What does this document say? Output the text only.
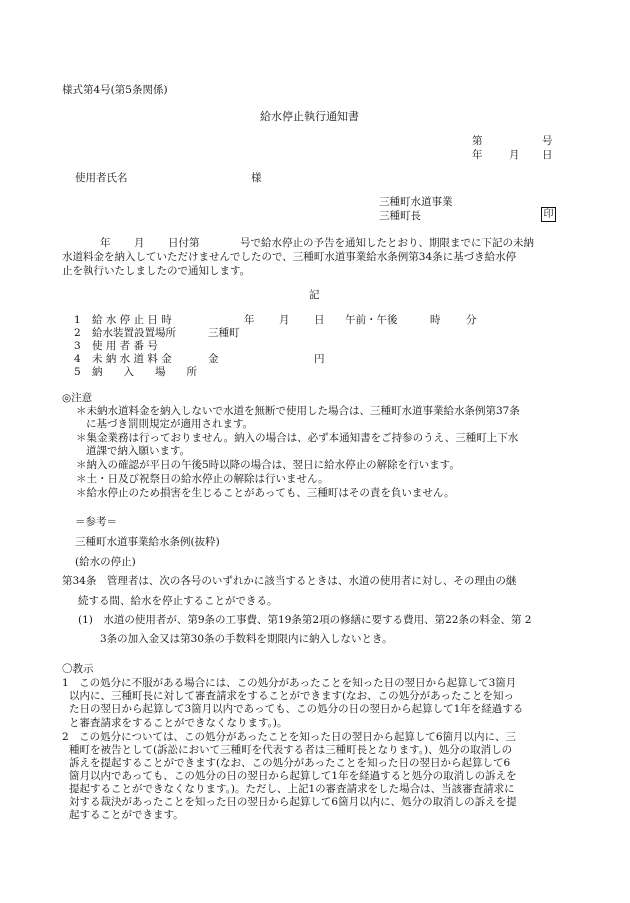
様式第4号(第5条関係)
給水停止執行通知書
第	号
年	月 日
使用者氏名	様
三種町水道事業
三種町長	印
年 月 日付第	号で給水停止の予告を通知したとおり、期限までに下記の未納
水道料金を納入していただけませんでしたので、三種町水道事業給水条例第34条に基づき給水停
止を執行いたしましたので通知します。
記
1 給 水 停 止 日 時	年 月 日 午前・午後	時 分
2 給水装置設置場所	三種町
3 使 用 者 番 号
4 未 納 水 道 料 金	金	円
5 納　　入　　場　　所
◎注意
＊未納水道料金を納入しないで水道を無断で使用した場合は、三種町水道事業給水条例第37条
に基づき罰則規定が適用されます。
＊集金業務は行っておりません。納入の場合は、必ず本通知書をご持参のうえ、三種町上下水
道課で納入願います。
＊納入の確認が平日の午後5時以降の場合は、翌日に給水停止の解除を行います。
＊土・日及び祝祭日の給水停止の解除は行いません。
＊給水停止のため損害を生じることがあっても、三種町はその責を負いません。
＝参考＝
三種町水道事業給水条例(抜粋)
(給水の停止)
第34条　管理者は、次の各号のいずれかに該当するときは、水道の使用者に対し、その理由の継
続する間、給水を停止することができる。
(1)　水道の使用者が、第9条の工事費、第19条第2項の修繕に要する費用、第22条の料金、第 2
3条の加入金又は第30条の手数料を期限内に納入しないとき。
〇教示
1　この処分に不服がある場合には、この処分があったことを知った日の翌日から起算して3箇月
以内に、三種町長に対して審査請求をすることができます(なお、この処分があったことを知っ
た日の翌日から起算して3箇月以内であっても、この処分の日の翌日から起算して1年を経過する
と審査請求をすることができなくなります。)。
2　この処分については、この処分があったことを知った日の翌日から起算して6箇月以内に、三
種町を被告として(訴訟において三種町を代表する者は三種町長となります。)、処分の取消しの
訴えを提起することができます(なお、この処分があったことを知った日の翌日から起算して6
箇月以内であっても、この処分の日の翌日から起算して1年を経過すると処分の取消しの訴えを
提起することができなくなります。)。ただし、上記1の審査請求をした場合は、当該審査請求に
対する裁決があったことを知った日の翌日から起算して6箇月以内に、処分の取消しの訴えを提
起することができます。
